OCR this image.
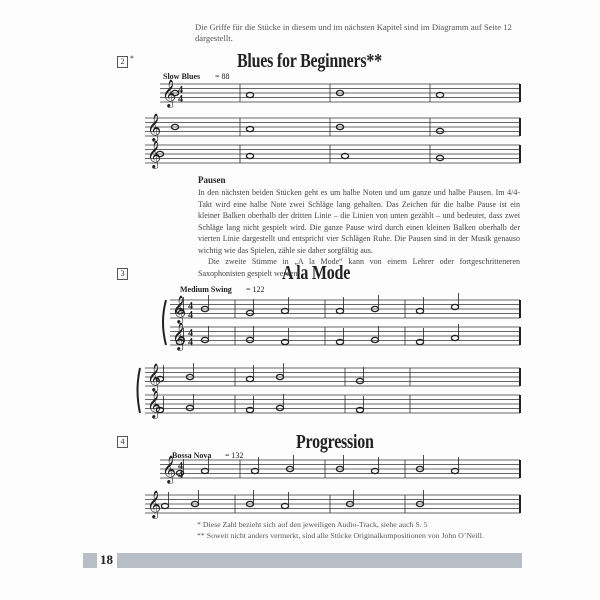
Die Griffe für die Stücke in diesem und im nächsten Kapitel sind im Diagramm auf Seite 12 dargestellt.
2 *	Blues for Beginners**
Slow Blues = 88
Pausen

In den nächsten beiden Stücken geht es um halbe Noten und um ganze und halbe Pausen. Im 4/4-Takt wird eine halbe Note zwei Schläge lang gehalten. Das Zeichen für die halbe Pause ist ein kleiner Balken oberhalb der dritten Linie – die Linien von unten gezählt – und bedeutet, dass zwei Schläge lang nicht gespielt wird. Die ganze Pause wird durch einen kleinen Balken oberhalb der vierten Linie dargestellt und entspricht vier Schlägen Ruhe. Die Pausen sind in der Musik genauso wichtig wie das Spielen, zähle sie daher sorgfältig aus.

Die zweite Stimme in „A la Mode“ kann von einem Lehrer oder fortgeschritteneren Saxophonisten gespielt werden.

3	A la Mode
Medium Swing = 122
4	Progression
Bossa Nova = 132
𝄞 4
4
𝄞
𝄞
𝄞 4
4
𝄞 4
4
𝄞
𝄞
𝄞 4
4
𝄞
* Diese Zahl bezieht sich auf den jeweiligen Audio-Track, siehe auch S. 5
** Soweit nicht anders vermerkt, sind alle Stücke Originalkompositionen von John O’Neill.
18
